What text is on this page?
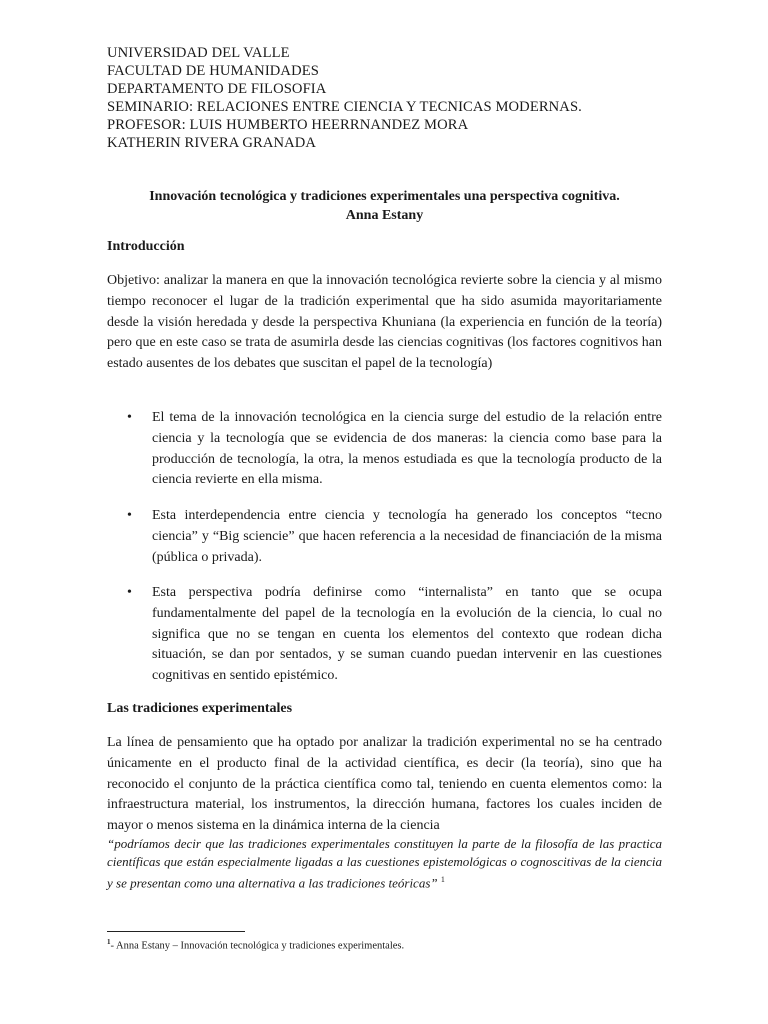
UNIVERSIDAD DEL VALLE
FACULTAD DE HUMANIDADES
DEPARTAMENTO DE FILOSOFIA
SEMINARIO: RELACIONES ENTRE CIENCIA Y TECNICAS MODERNAS.
PROFESOR: LUIS HUMBERTO HEERRNANDEZ MORA
KATHERIN RIVERA GRANADA
Innovación tecnológica y tradiciones experimentales una perspectiva cognitiva.
Anna Estany
Introducción
Objetivo: analizar la manera en que la innovación tecnológica revierte sobre la ciencia y al mismo tiempo reconocer el lugar de la tradición experimental que ha sido asumida mayoritariamente desde la visión heredada y desde la perspectiva Khuniana (la experiencia en función de la teoría) pero que en este caso se trata de asumirla desde las ciencias cognitivas (los factores cognitivos han estado ausentes de los debates que suscitan el papel de la tecnología)
•	El tema de la innovación tecnológica en la ciencia surge del estudio de la relación entre ciencia y la tecnología que se evidencia de dos maneras: la ciencia como base para la producción de tecnología, la otra, la menos estudiada es que la tecnología producto de la ciencia revierte en ella misma.
•	Esta interdependencia entre ciencia y tecnología ha generado los conceptos “tecno ciencia” y “Big sciencie” que hacen referencia a la necesidad de financiación de la misma (pública o privada).
•	Esta perspectiva podría definirse como “internalista” en tanto que se ocupa fundamentalmente del papel de la tecnología en la evolución de la ciencia, lo cual no significa que no se tengan en cuenta los elementos del contexto que rodean dicha situación, se dan por sentados, y se suman cuando puedan intervenir en las cuestiones cognitivas en sentido epistémico.
Las tradiciones experimentales
La línea de pensamiento que ha optado por analizar la tradición experimental no se ha centrado únicamente en el producto final de la actividad científica, es decir (la teoría), sino que ha reconocido el conjunto de la práctica científica como tal, teniendo en cuenta elementos como: la infraestructura material, los instrumentos, la dirección humana, factores los cuales inciden de mayor o menos sistema en la dinámica interna de la ciencia
“podríamos decir que las tradiciones experimentales constituyen la parte de la filosofía de las practica científicas que están especialmente ligadas a las cuestiones epistemológicas o cognoscitivas de la ciencia y se presentan como una alternativa a las tradiciones teóricas” $^1$
$^1$- Anna Estany – Innovación tecnológica y tradiciones experimentales.
